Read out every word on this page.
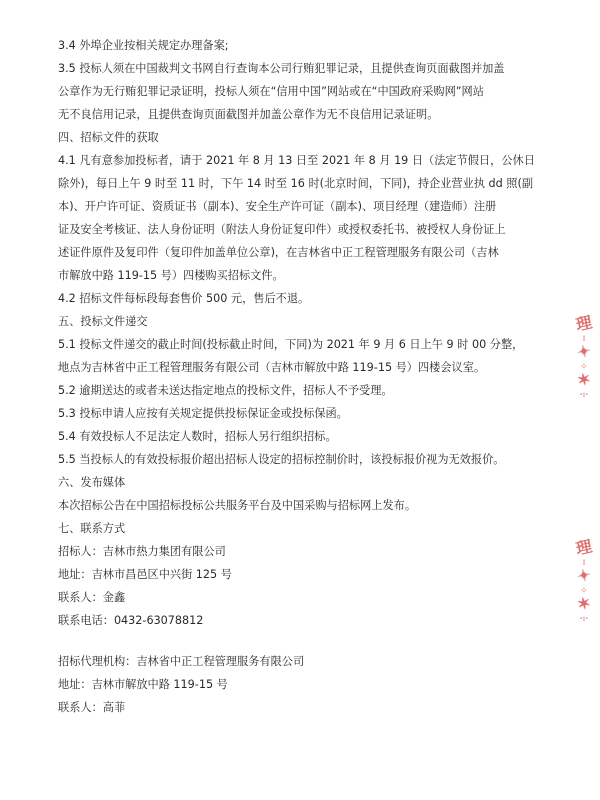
3.4 外埠企业按相关规定办理备案;
3.5 投标人须在中国裁判文书网自行查询本公司行贿犯罪记录，且提供查询页面截图并加盖
公章作为无行贿犯罪记录证明，投标人须在“信用中国”网站或在“中国政府采购网”网站
无不良信用记录，且提供查询页面截图并加盖公章作为无不良信用记录证明。
四、招标文件的获取
4.1 凡有意参加投标者，请于 2021 年 8 月 13 日至 2021 年 8 月 19 日（法定节假日，公休日
除外)，每日上午 9 时至 11 时，下午 14 时至 16 时(北京时间，下同)，持企业营业执 dd 照(副
本)、开户许可证、资质证书（副本)、安全生产许可证（副本)、项目经理（建造师）注册
证及安全考核证、法人身份证明（附法人身份证复印件）或授权委托书、被授权人身份证上
述证件原件及复印件（复印件加盖单位公章)，在吉林省中正工程管理服务有限公司（吉林
市解放中路 119-15 号）四楼购买招标文件。
4.2 招标文件每标段每套售价 500 元，售后不退。
五、投标文件递交
5.1 投标文件递交的截止时间(投标截止时间，下同)为 2021 年 9 月 6 日上午 9 时 00 分整，
地点为吉林省中正工程管理服务有限公司（吉林市解放中路 119-15 号）四楼会议室。
5.2 逾期送达的或者未送达指定地点的投标文件，招标人不予受理。
5.3 投标申请人应按有关规定提供投标保证金或投标保函。
5.4 有效投标人不足法定人数时，招标人另行组织招标。
5.5 当投标人的有效投标报价超出招标人设定的招标控制价时，该投标报价视为无效报价。
六、发布媒体
本次招标公告在中国招标投标公共服务平台及中国采购与招标网上发布。
七、联系方式
招标人：吉林市热力集团有限公司
地址：吉林市昌邑区中兴街 125 号
联系人：金鑫
联系电话：0432-63078812
招标代理机构：吉林省中正工程管理服务有限公司
地址：吉林市解放中路 119-15 号
联系人：高菲
理
⁝
✦
⁘
✶
·:·
理
⁝
✦
⁘
✶
·:·
